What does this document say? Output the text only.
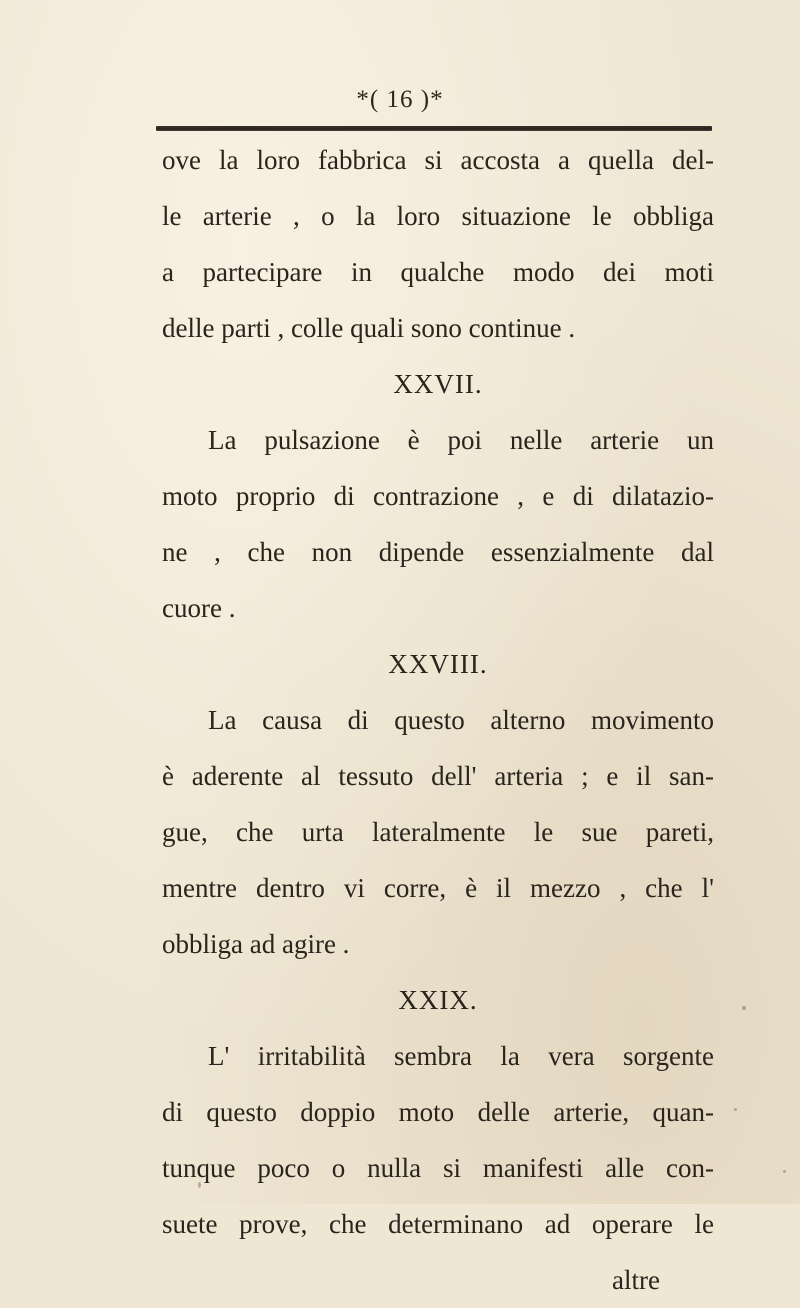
*( 16 )*
ove la loro fabbrica si accosta a quella del-
le arterie , o la loro situazione le obbliga
a partecipare in qualche modo dei moti
delle parti , colle quali sono continue .
XXVII.
La pulsazione è poi nelle arterie un
moto proprio di contrazione , e di dilatazio-
ne , che non dipende essenzialmente dal
cuore .
XXVIII.
La causa di questo alterno movimento
è aderente al tessuto dell' arteria ; e il san-
gue, che urta lateralmente le sue pareti,
mentre dentro vi corre, è il mezzo , che l'
obbliga ad agire .
XXIX.
L' irritabilità sembra la vera sorgente
di questo doppio moto delle arterie, quan-
tunque poco o nulla si manifesti alle con-
suete prove, che determinano ad operare le
altre
